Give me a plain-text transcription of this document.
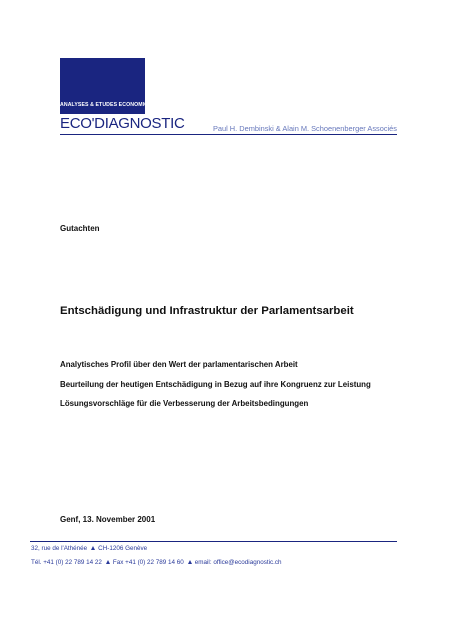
ANALYSES & ETUDES ECONOMIQUES
ECO'DIAGNOSTIC	Paul H. Dembinski & Alain M. Schoenenberger Associés
Gutachten
Entschädigung und Infrastruktur der Parlamentsarbeit
Analytisches Profil über den Wert der parlamentarischen Arbeit
Beurteilung der heutigen Entschädigung in Bezug auf ihre Kongruenz zur Leistung
Lösungsvorschläge für die Verbesserung der Arbeitsbedingungen
Genf, 13. November 2001
32, rue de l'Athénée CH-1206 Genève
Tél. +41 (0) 22 789 14 22 Fax +41 (0) 22 789 14 60 email: office@ecodiagnostic.ch
